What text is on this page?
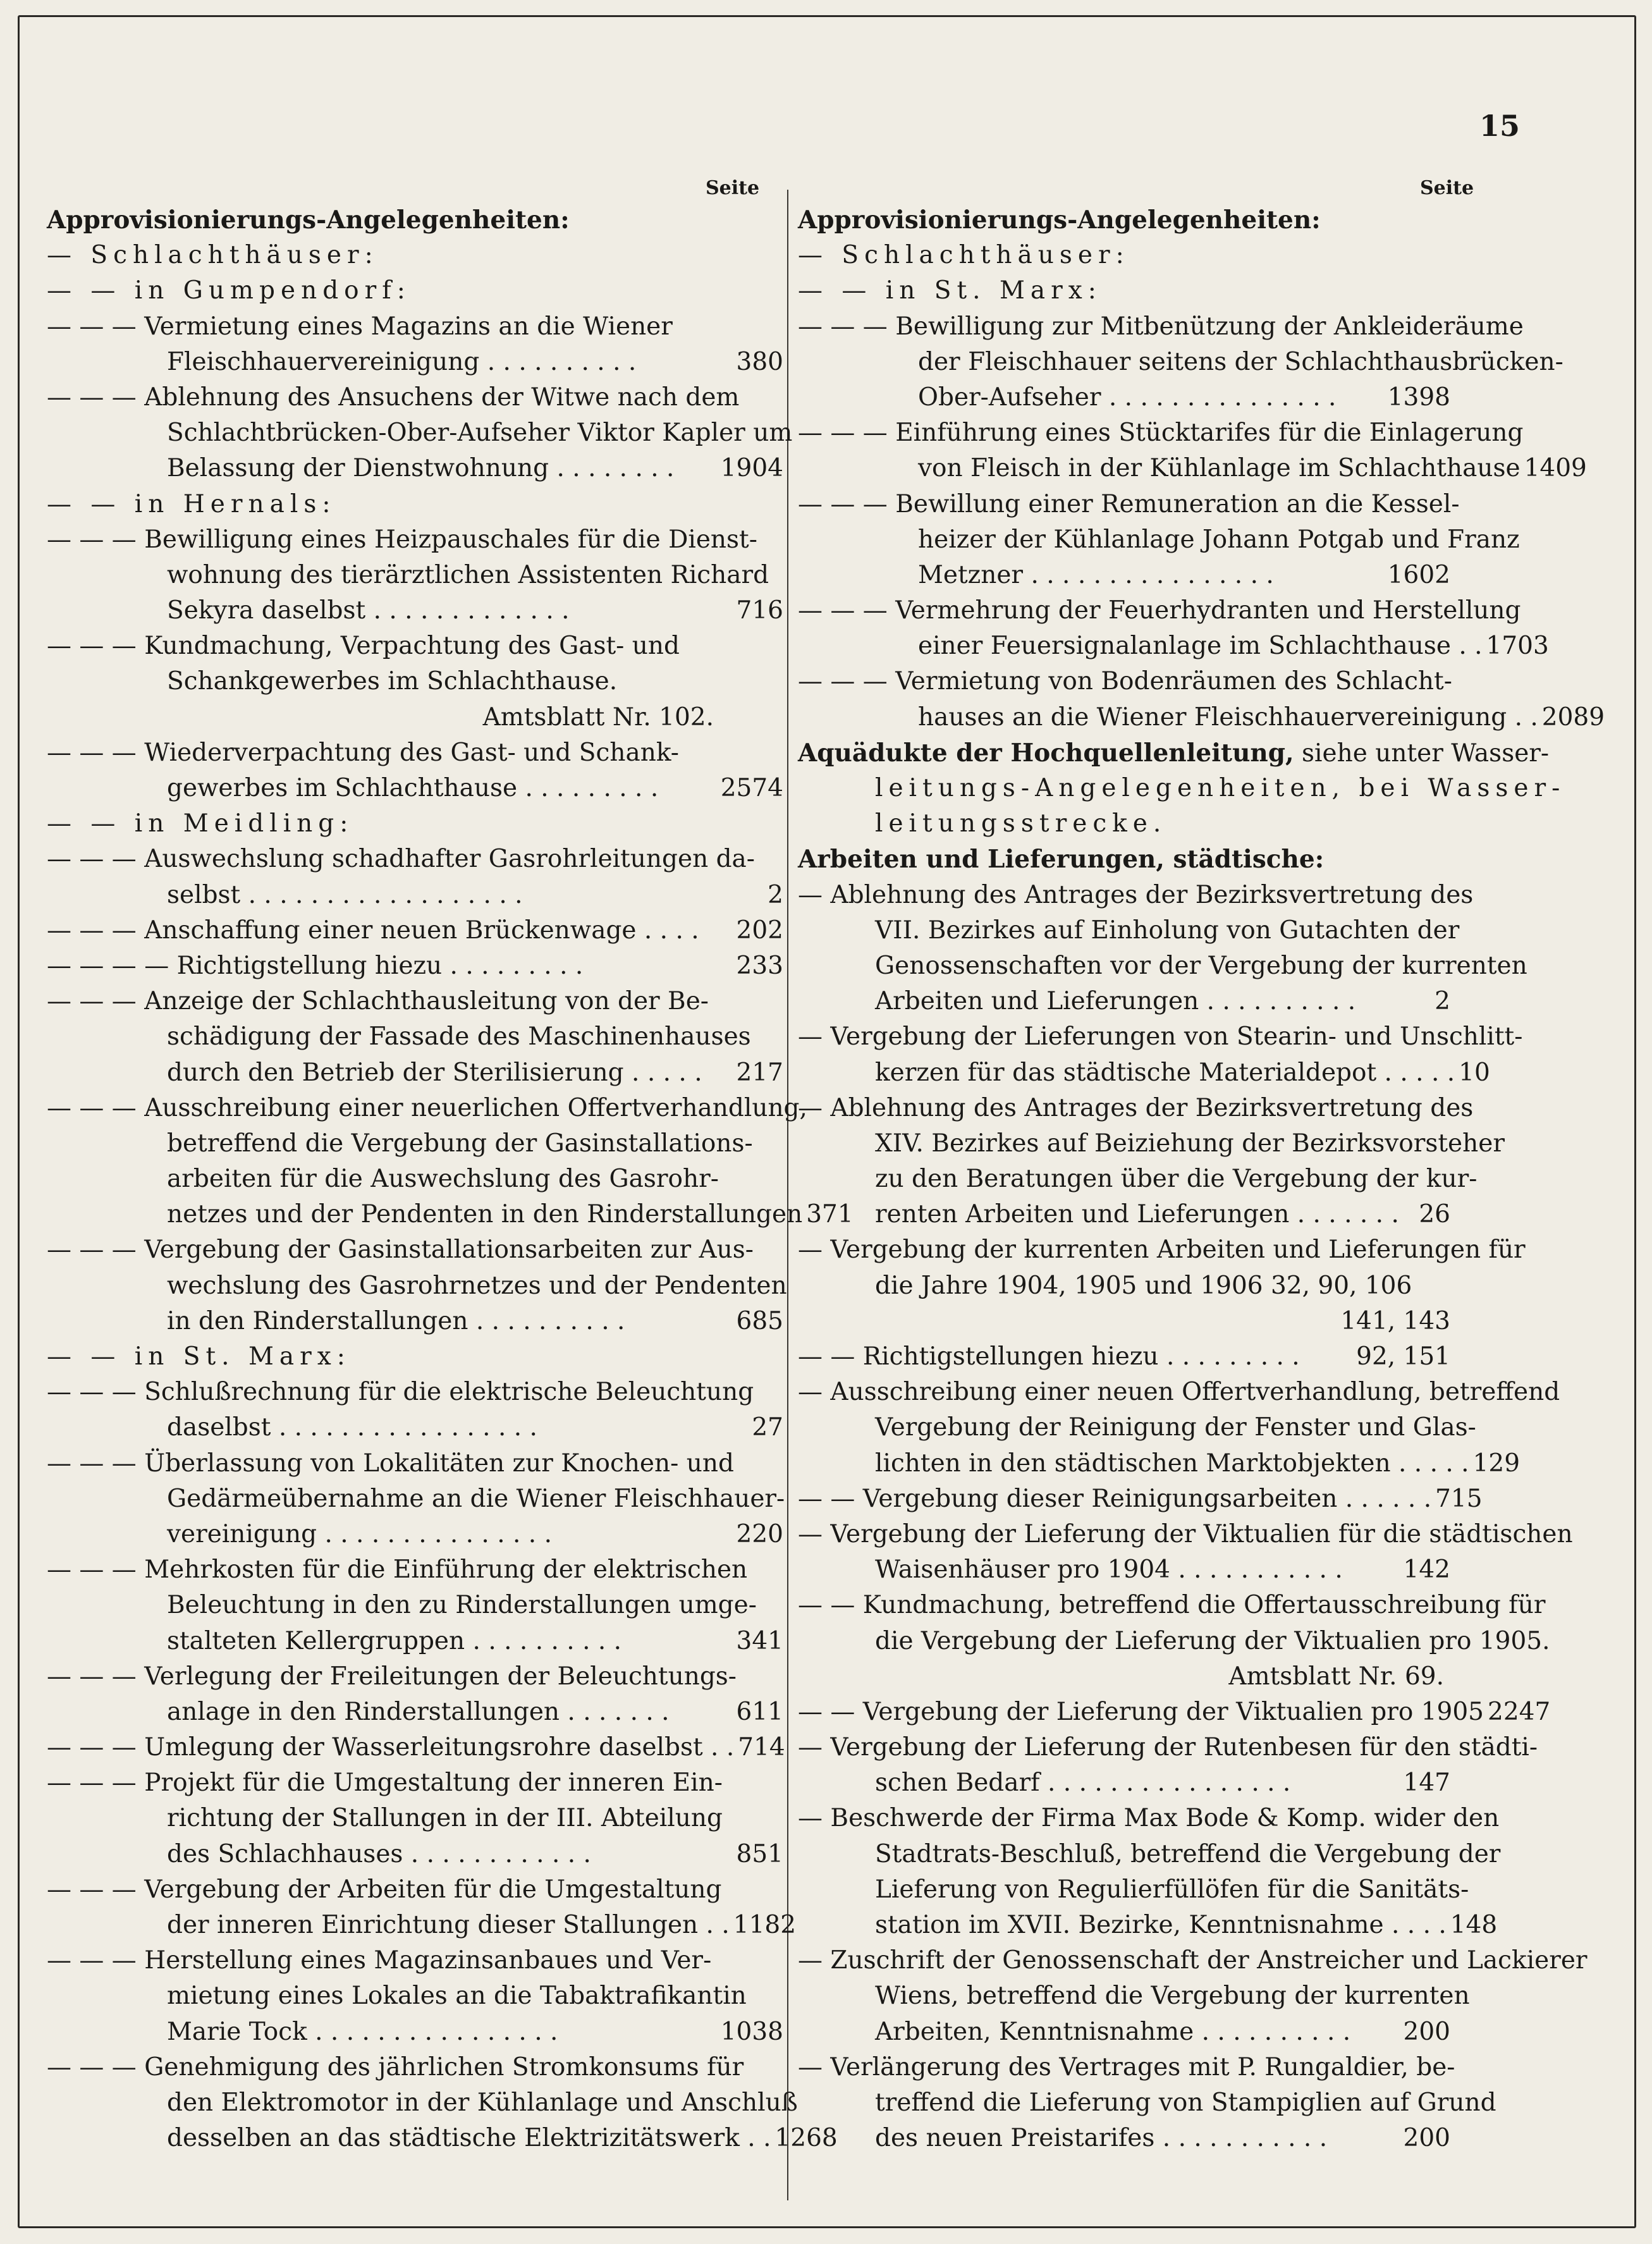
15
Seite	Seite
Approvisionierungs-Angelegenheiten:
— Schlachthäuser:
— — in Gumpendorf:
— — — Vermietung eines Magazins an die Wiener
Fleischhauervereinigung . . . . . . . . . .	380
— — — Ablehnung des Ansuchens der Witwe nach dem
Schlachtbrücken-Ober-Aufseher Viktor Kapler um
Belassung der Dienstwohnung . . . . . . . .	1904
— — in Hernals:
— — — Bewilligung eines Heizpauschales für die Dienst-
wohnung des tierärztlichen Assistenten Richard
Sekyra daselbst . . . . . . . . . . . . .	716
— — — Kundmachung, Verpachtung des Gast- und
Schankgewerbes im Schlachthause.
Amtsblatt Nr. 102.
— — — Wiederverpachtung des Gast- und Schank-
gewerbes im Schlachthause . . . . . . . . .	2574
— — in Meidling:
— — — Auswechslung schadhafter Gasrohrleitungen da-
selbst . . . . . . . . . . . . . . . . . .	2
— — — Anschaffung einer neuen Brückenwage . . . .	202
— — — — Richtigstellung hiezu . . . . . . . . .	233
— — — Anzeige der Schlachthausleitung von der Be-
schädigung der Fassade des Maschinenhauses
durch den Betrieb der Sterilisierung . . . . .	217
— — — Ausschreibung einer neuerlichen Offertverhandlung,
betreffend die Vergebung der Gasinstallations-
arbeiten für die Auswechslung des Gasrohr-
netzes und der Pendenten in den Rinderstallungen 371
— — — Vergebung der Gasinstallationsarbeiten zur Aus-
wechslung des Gasrohrnetzes und der Pendenten
in den Rinderstallungen . . . . . . . . . .	685
— — in St. Marx:
— — — Schlußrechnung für die elektrische Beleuchtung
daselbst . . . . . . . . . . . . . . . . .	27
— — — Überlassung von Lokalitäten zur Knochen- und
Gedärmeübernahme an die Wiener Fleischhauer-
vereinigung . . . . . . . . . . . . . . .	220
— — — Mehrkosten für die Einführung der elektrischen
Beleuchtung in den zu Rinderstallungen umge-
stalteten Kellergruppen . . . . . . . . . .	341
— — — Verlegung der Freileitungen der Beleuchtungs-
anlage in den Rinderstallungen . . . . . . .	611
— — — Umlegung der Wasserleitungsrohre daselbst . . 714
— — — Projekt für die Umgestaltung der inneren Ein-
richtung der Stallungen in der III. Abteilung
des Schlachhauses . . . . . . . . . . . .	851
— — — Vergebung der Arbeiten für die Umgestaltung
der inneren Einrichtung dieser Stallungen . . 1182
— — — Herstellung eines Magazinsanbaues und Ver-
mietung eines Lokales an die Tabaktrafikantin
Marie Tock . . . . . . . . . . . . . . . .	1038
— — — Genehmigung des jährlichen Stromkonsums für
den Elektromotor in der Kühlanlage und Anschluß
desselben an das städtische Elektrizitätswerk . . 1268
Approvisionierungs-Angelegenheiten:
— Schlachthäuser:
— — in St. Marx:
— — — Bewilligung zur Mitbenützung der Ankleideräume
der Fleischhauer seitens der Schlachthausbrücken-
Ober-Aufseher . . . . . . . . . . . . . . .	1398
— — — Einführung eines Stücktarifes für die Einlagerung
von Fleisch in der Kühlanlage im Schlachthause 1409
— — — Bewillung einer Remuneration an die Kessel-
heizer der Kühlanlage Johann Potgab und Franz
Metzner . . . . . . . . . . . . . . . .	1602
— — — Vermehrung der Feuerhydranten und Herstellung
einer Feuersignalanlage im Schlachthause . . 1703
— — — Vermietung von Bodenräumen des Schlacht-
hauses an die Wiener Fleischhauervereinigung . . 2089
Aquädukte der Hochquellenleitung, siehe unter Wasser-
leitungs-Angelegenheiten, bei Wasser-
leitungsstrecke.
Arbeiten und Lieferungen, städtische:
— Ablehnung des Antrages der Bezirksvertretung des
VII. Bezirkes auf Einholung von Gutachten der
Genossenschaften vor der Vergebung der kurrenten
Arbeiten und Lieferungen . . . . . . . . . .	2
— Vergebung der Lieferungen von Stearin- und Unschlitt-
kerzen für das städtische Materialdepot . . . . . 10
— Ablehnung des Antrages der Bezirksvertretung des
XIV. Bezirkes auf Beiziehung der Bezirksvorsteher
zu den Beratungen über die Vergebung der kur-
renten Arbeiten und Lieferungen . . . . . . . 26
— Vergebung der kurrenten Arbeiten und Lieferungen für
die Jahre 1904, 1905 und 1906 32, 90, 106
141, 143
— — Richtigstellungen hiezu . . . . . . . . .	92, 151
— Ausschreibung einer neuen Offertverhandlung, betreffend
Vergebung der Reinigung der Fenster und Glas-
lichten in den städtischen Marktobjekten . . . . . 129
— — Vergebung dieser Reinigungsarbeiten . . . . . . 715
— Vergebung der Lieferung der Viktualien für die städtischen
Waisenhäuser pro 1904 . . . . . . . . . . .	142
— — Kundmachung, betreffend die Offertausschreibung für
die Vergebung der Lieferung der Viktualien pro 1905.
Amtsblatt Nr. 69.
— — Vergebung der Lieferung der Viktualien pro 1905 2247
— Vergebung der Lieferung der Rutenbesen für den städti-
schen Bedarf . . . . . . . . . . . . . . . .	147
— Beschwerde der Firma Max Bode & Komp. wider den
Stadtrats-Beschluß, betreffend die Vergebung der
Lieferung von Regulierfüllöfen für die Sanitäts-
station im XVII. Bezirke, Kenntnisnahme . . . . 148
— Zuschrift der Genossenschaft der Anstreicher und Lackierer
Wiens, betreffend die Vergebung der kurrenten
Arbeiten, Kenntnisnahme . . . . . . . . . .	200
— Verlängerung des Vertrages mit P. Rungaldier, be-
treffend die Lieferung von Stampiglien auf Grund
des neuen Preistarifes . . . . . . . . . . .	200
